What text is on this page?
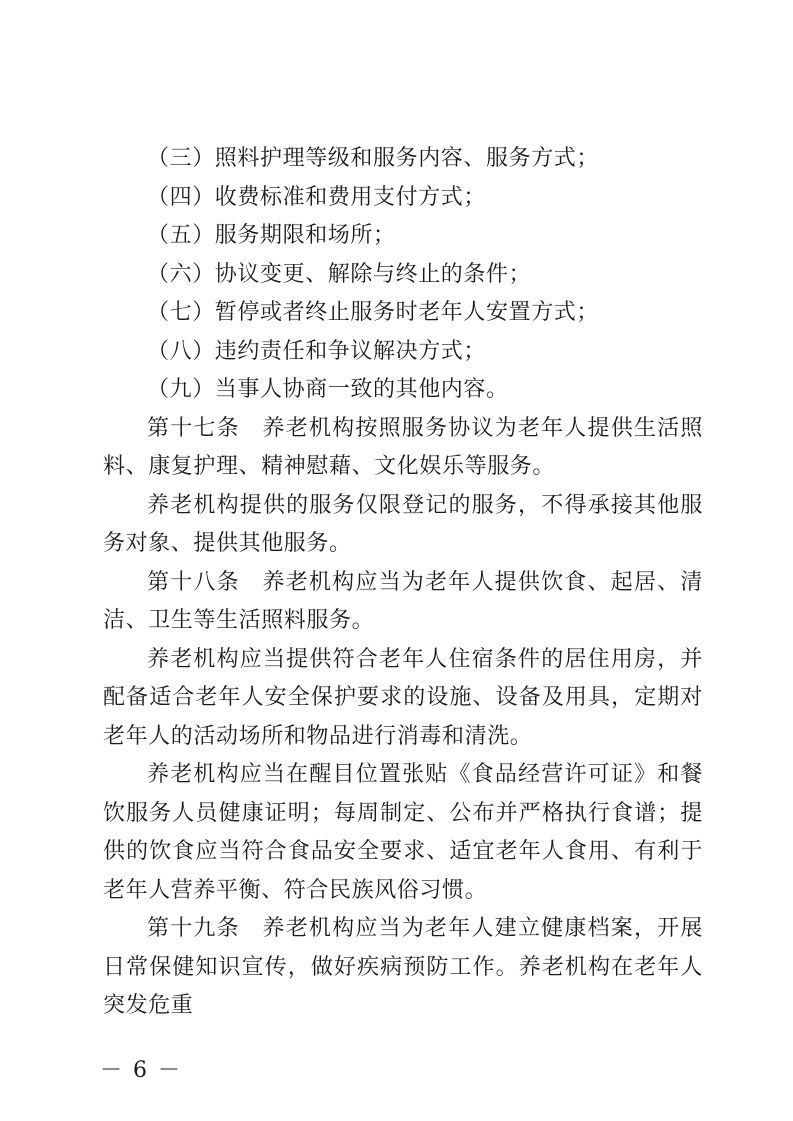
（三）照料护理等级和服务内容、服务方式；

（四）收费标准和费用支付方式；

（五）服务期限和场所；

（六）协议变更、解除与终止的条件；

（七）暂停或者终止服务时老年人安置方式；

（八）违约责任和争议解决方式；

（九）当事人协商一致的其他内容。

第十七条 养老机构按照服务协议为老年人提供生活照料、康复护理、精神慰藉、文化娱乐等服务。

养老机构提供的服务仅限登记的服务，不得承接其他服务对象、提供其他服务。

第十八条 养老机构应当为老年人提供饮食、起居、清洁、卫生等生活照料服务。

养老机构应当提供符合老年人住宿条件的居住用房，并配备适合老年人安全保护要求的设施、设备及用具，定期对老年人的活动场所和物品进行消毒和清洗。

养老机构应当在醒目位置张贴《食品经营许可证》和餐饮服务人员健康证明；每周制定、公布并严格执行食谱；提供的饮食应当符合食品安全要求、适宜老年人食用、有利于老年人营养平衡、符合民族风俗习惯。

第十九条 养老机构应当为老年人建立健康档案，开展日常保健知识宣传，做好疾病预防工作。养老机构在老年人突发危重

－ 6 －
